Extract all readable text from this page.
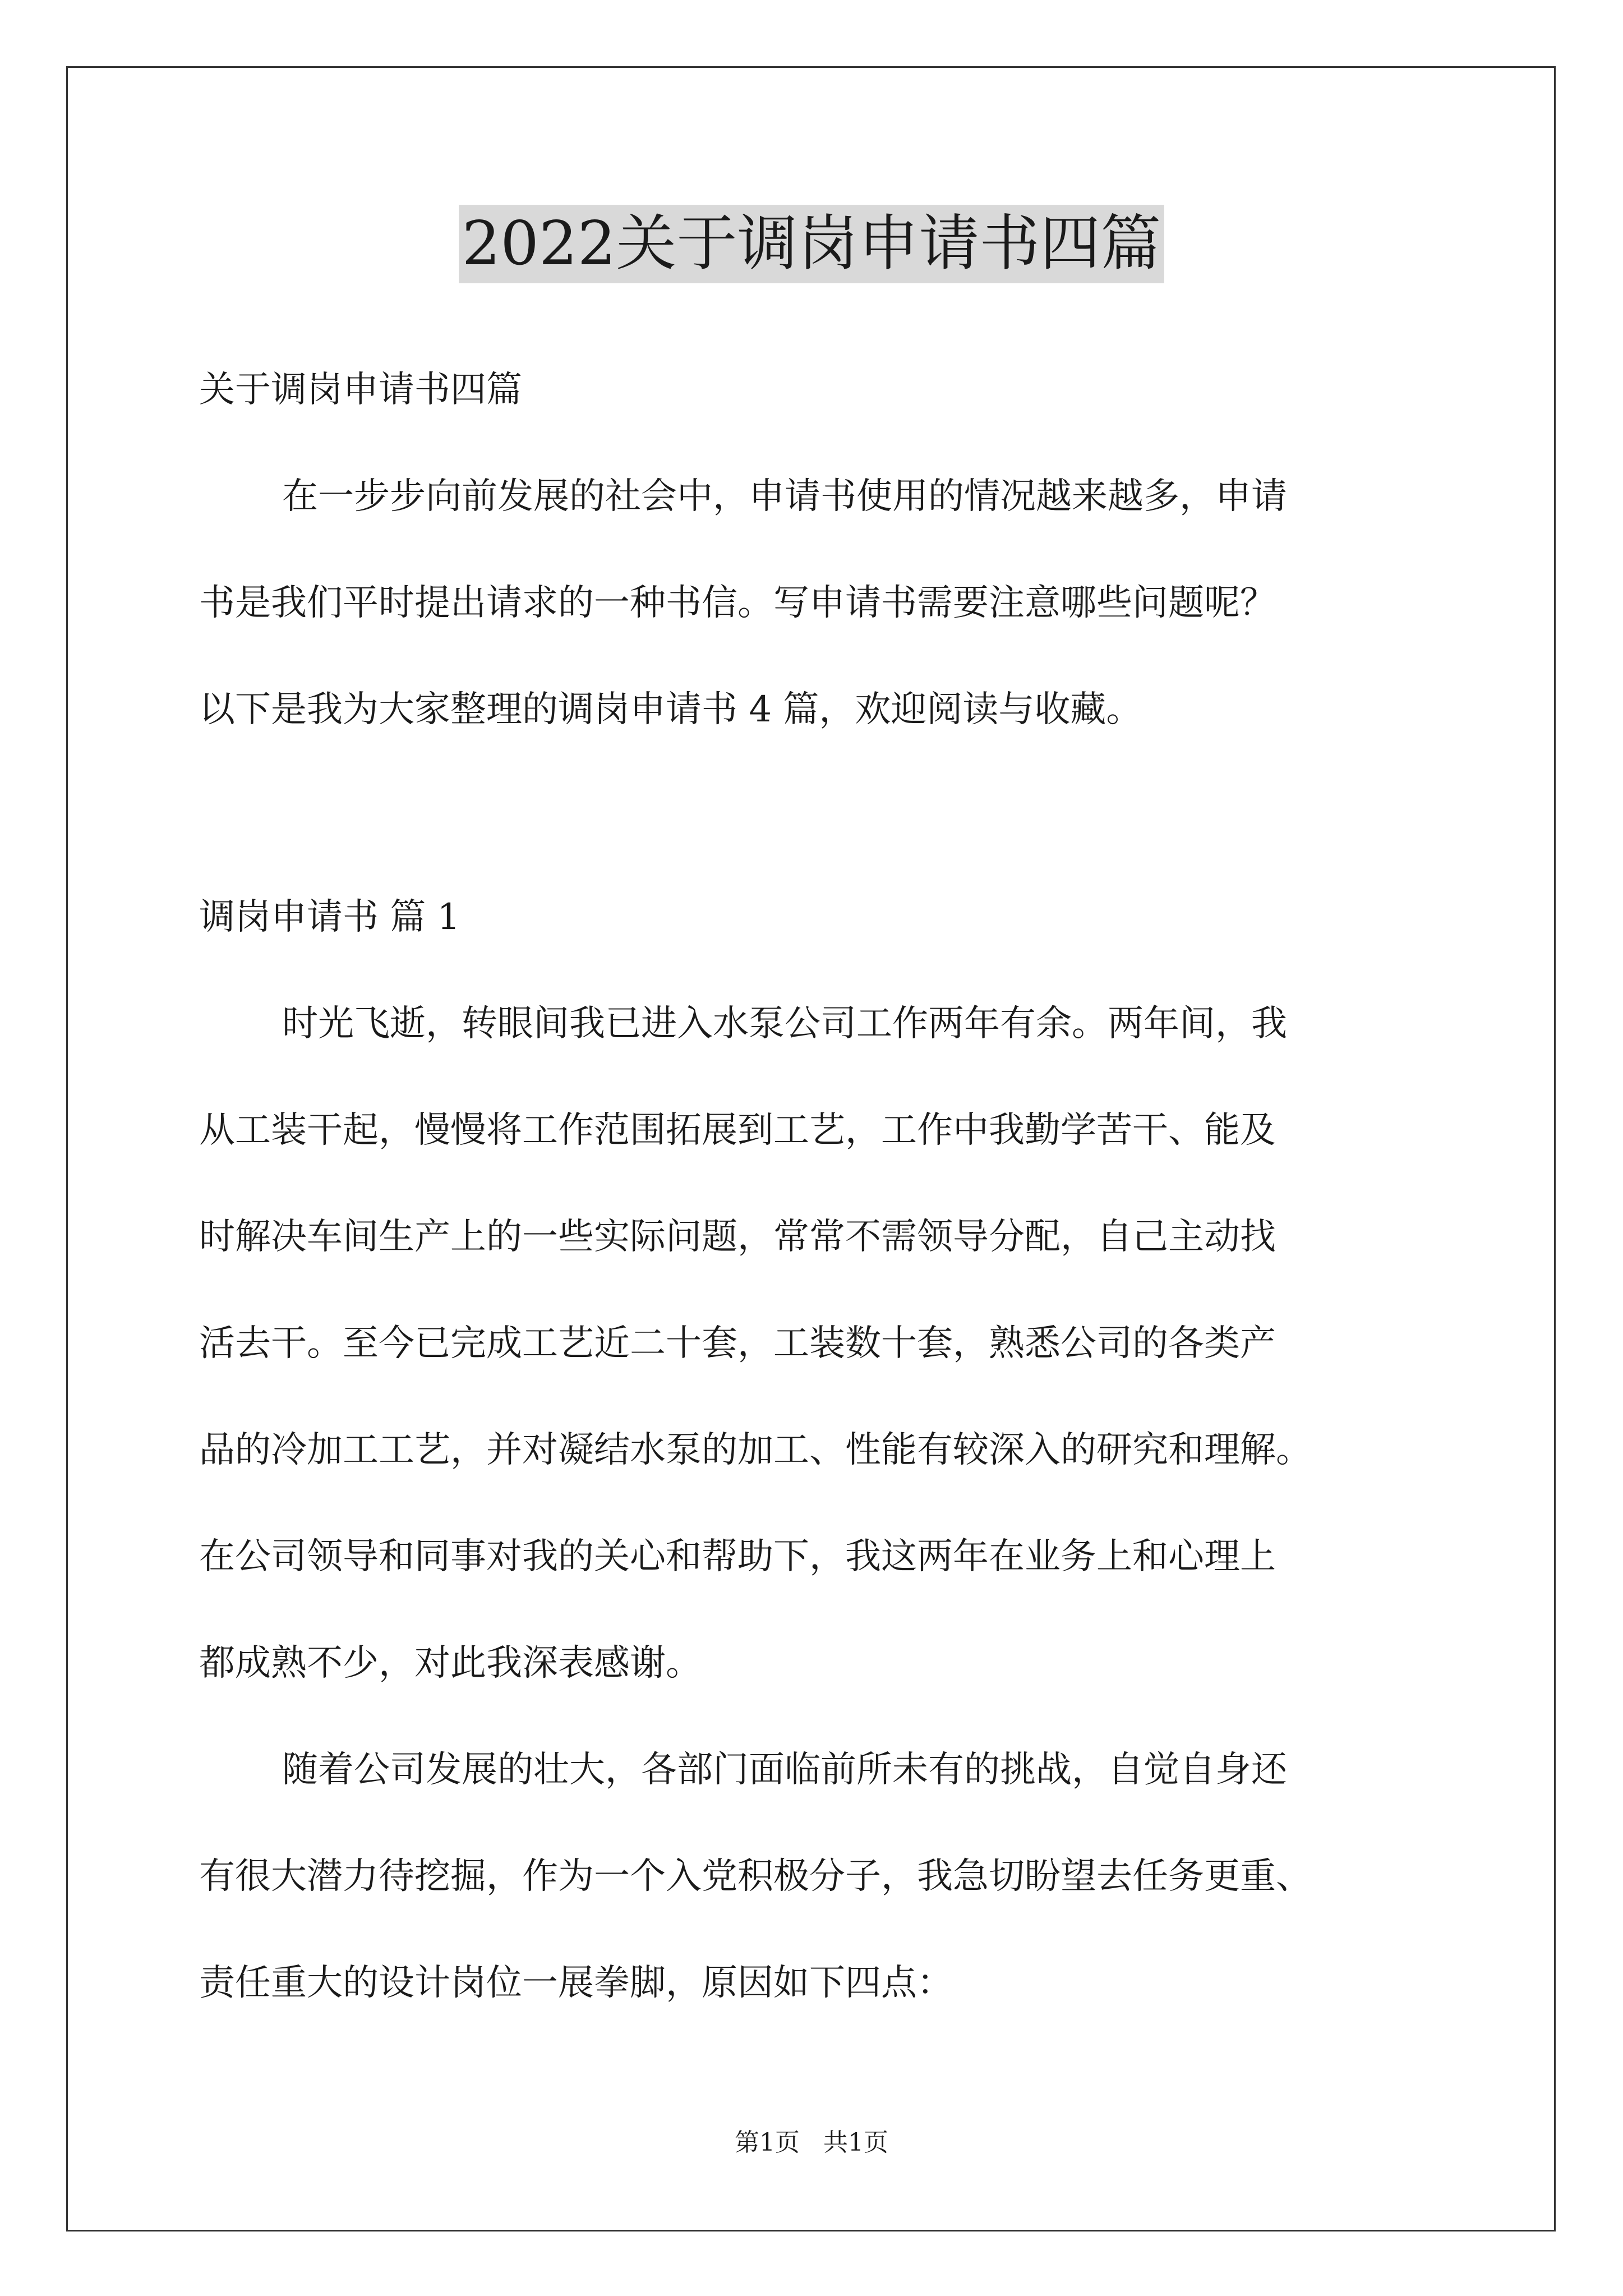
2022关于调岗申请书四篇
关于调岗申请书四篇
在一步步向前发展的社会中，申请书使用的情况越来越多，申请
书是我们平时提出请求的一种书信。写申请书需要注意哪些问题呢？
以下是我为大家整理的调岗申请书 4 篇，欢迎阅读与收藏。
调岗申请书 篇 1
时光飞逝，转眼间我已进入水泵公司工作两年有余。两年间，我
从工装干起，慢慢将工作范围拓展到工艺，工作中我勤学苦干、能及
时解决车间生产上的一些实际问题，常常不需领导分配，自己主动找
活去干。至今已完成工艺近二十套，工装数十套，熟悉公司的各类产
品的冷加工工艺，并对凝结水泵的加工、性能有较深入的研究和理解。
在公司领导和同事对我的关心和帮助下，我这两年在业务上和心理上
都成熟不少，对此我深表感谢。
随着公司发展的壮大，各部门面临前所未有的挑战，自觉自身还
有很大潜力待挖掘，作为一个入党积极分子，我急切盼望去任务更重、
责任重大的设计岗位一展拳脚，原因如下四点：
第1页 共1页
